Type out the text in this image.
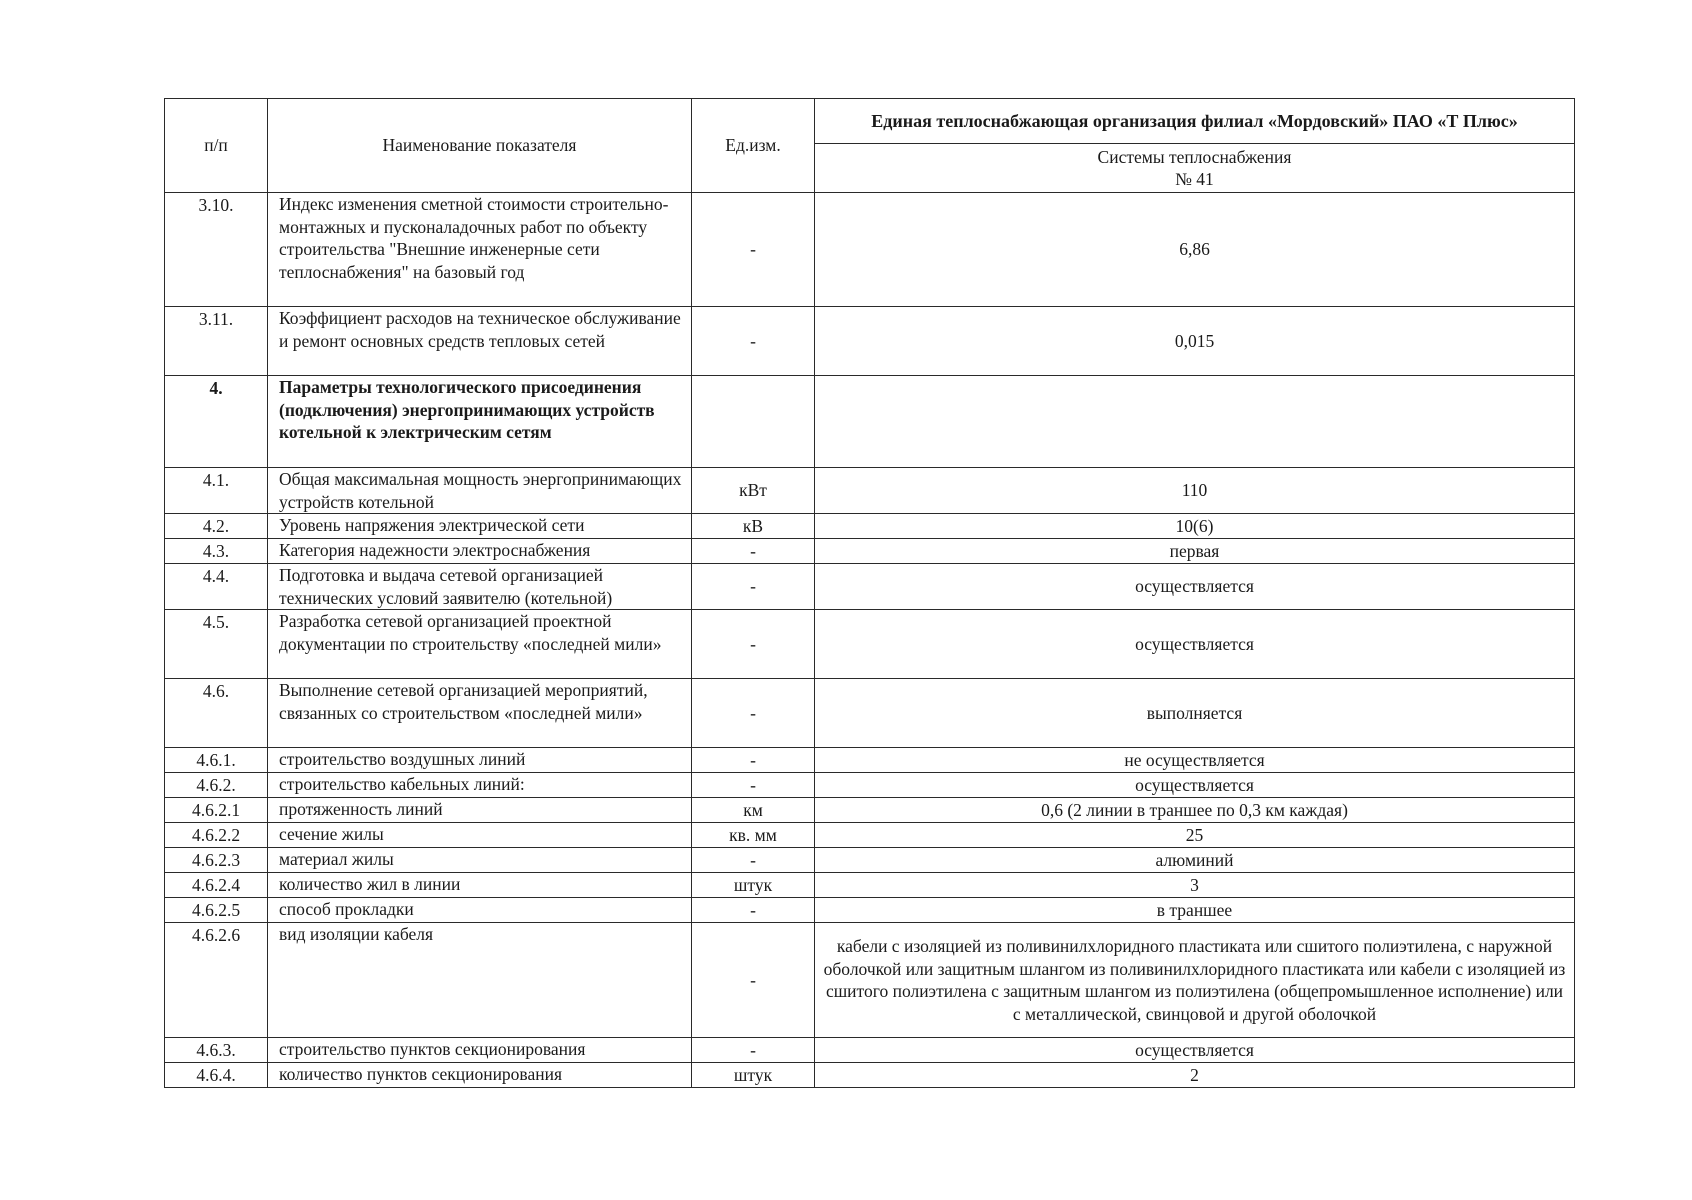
п/п	Наименование показателя	Ед.изм.	Единая теплоснабжающая организация филиал «Мордовский» ПАО «Т Плюс»

			Системы теплоснабжения
№ 41

3.10.	Индекс изменения сметной стоимости строительно-монтажных и пусконаладочных работ по объекту строительства "Внешние инженерные сети теплоснабжения" на базовый год	-	6,86
3.11.	Коэффициент расходов на техническое обслуживание и ремонт основных средств тепловых сетей	-	0,015
4.	Параметры технологического присоединения (подключения) энергопринимающих устройств котельной к электрическим сетям		
4.1.	Общая максимальная мощность энергопринимающих устройств котельной	кВт	110
4.2.	Уровень напряжения электрической сети	кВ	10(6)
4.3.	Категория надежности электроснабжения	-	первая
4.4.	Подготовка и выдача сетевой организацией технических условий заявителю (котельной)	-	осуществляется
4.5.	Разработка сетевой организацией проектной документации по строительству «последней мили»	-	осуществляется
4.6.	Выполнение сетевой организацией мероприятий, связанных со строительством «последней мили»	-	выполняется
4.6.1.	строительство воздушных линий	-	не осуществляется
4.6.2.	строительство кабельных линий:	-	осуществляется
4.6.2.1	протяженность линий	км	0,6 (2 линии в траншее по 0,3 км каждая)
4.6.2.2	сечение жилы	кв. мм	25
4.6.2.3	материал жилы	-	алюминий
4.6.2.4	количество жил в линии	штук	3
4.6.2.5	способ прокладки	-	в траншее
4.6.2.6	вид изоляции кабеля	-	кабели с изоляцией из поливинилхлоридного пластиката или сшитого полиэтилена, с наружной оболочкой или защитным шлангом из поливинилхлоридного пластиката или кабели с изоляцией из сшитого полиэтилена с защитным шлангом из полиэтилена (общепромышленное исполнение) или с металлической, свинцовой и другой оболочкой
4.6.3.	строительство пунктов секционирования	-	осуществляется
4.6.4.	количество пунктов секционирования	штук	2
